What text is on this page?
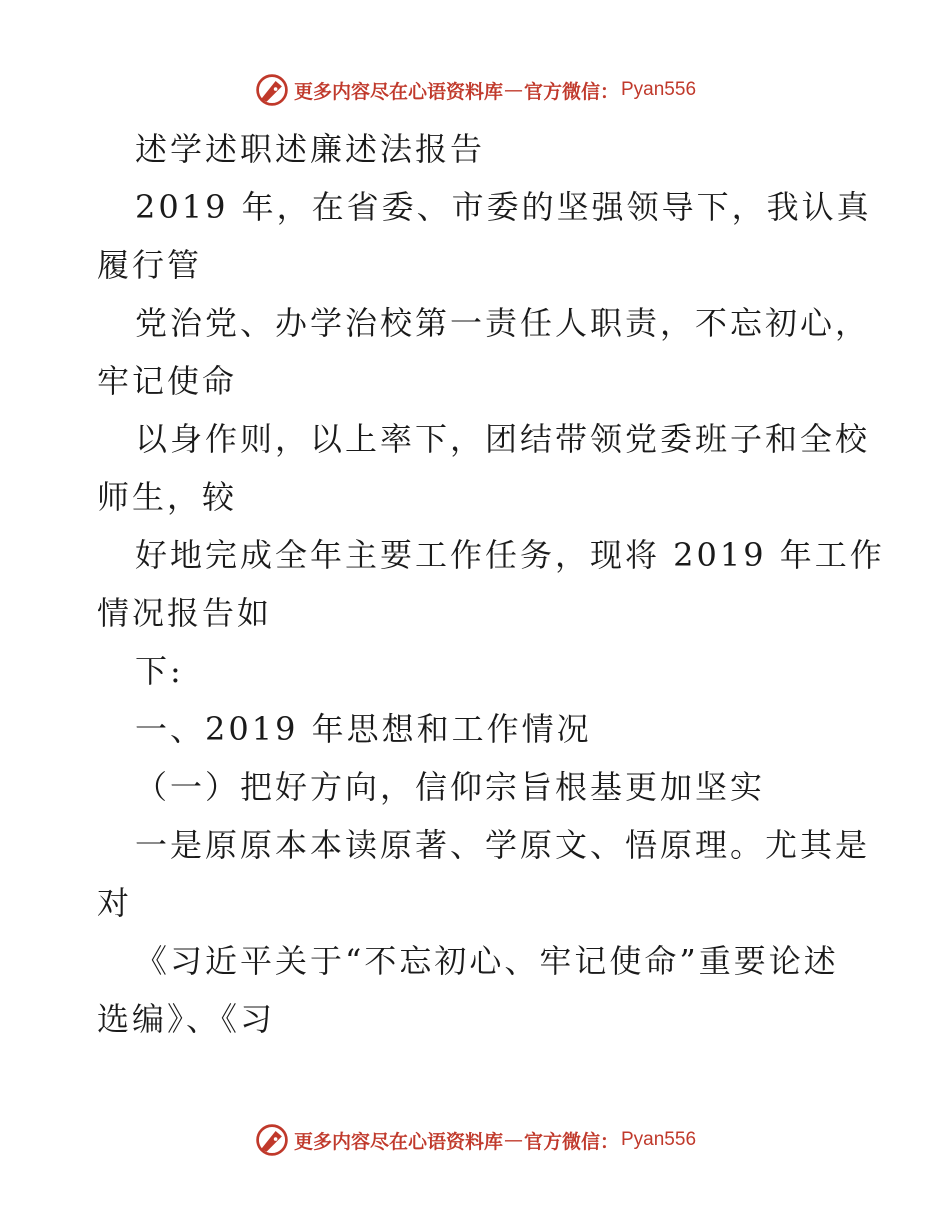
更多内容尽在心语资料库 — 官方微信： Pyan556
述学述职述廉述法报告
2019 年，在省委、市委的坚强领导下，我认真
履行管
党治党、办学治校第一责任人职责，不忘初心，
牢记使命
以身作则，以上率下，团结带领党委班子和全校
师生，较
好地完成全年主要工作任务，现将 2019 年工作
情况报告如
下:
一、2019 年思想和工作情况
（一）把好方向，信仰宗旨根基更加坚实
一是原原本本读原著、学原文、悟原理。尤其是
对
《习近平关于“不忘初心、牢记使命”重要论述
选编》、《习
更多内容尽在心语资料库 — 官方微信： Pyan556
